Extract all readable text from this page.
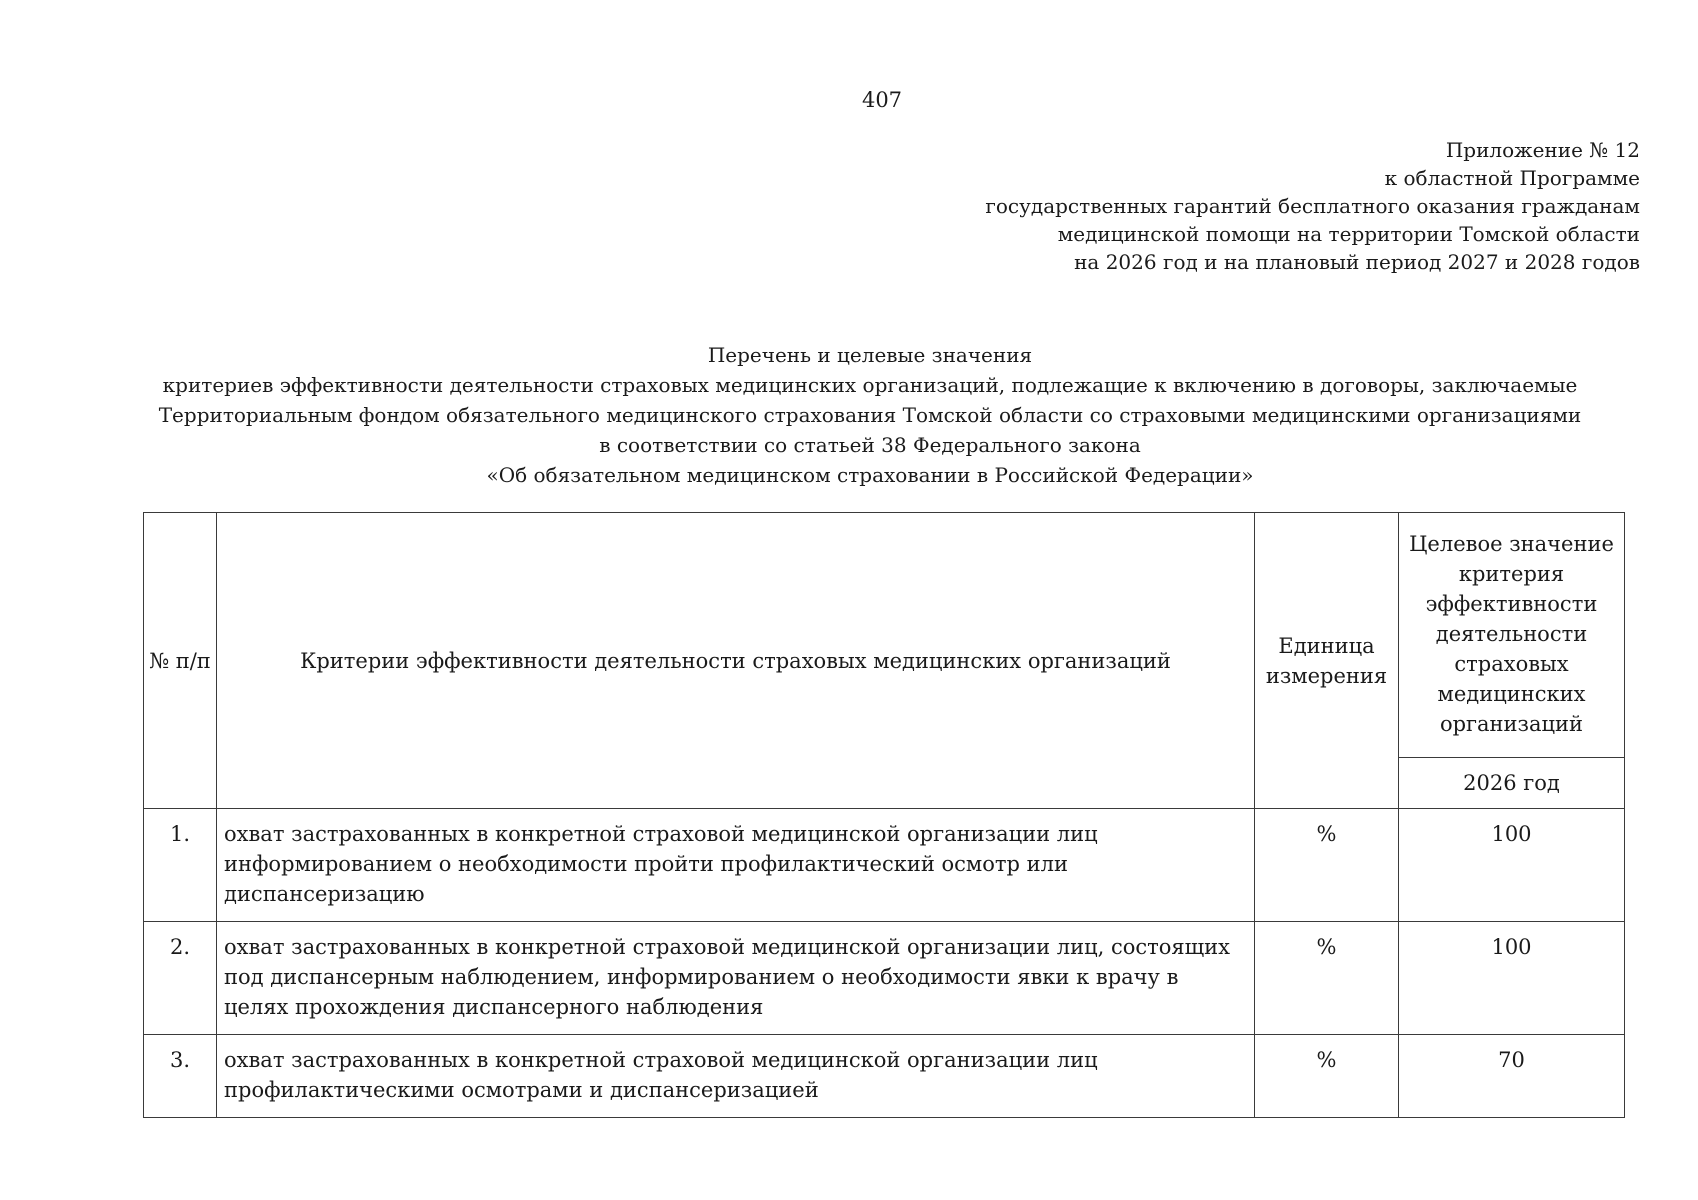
407
Приложение № 12
к областной Программе
государственных гарантий бесплатного оказания гражданам
медицинской помощи на территории Томской области
на 2026 год и на плановый период 2027 и 2028 годов
Перечень и целевые значения
критериев эффективности деятельности страховых медицинских организаций, подлежащие к включению в договоры, заключаемые
Территориальным фондом обязательного медицинского страхования Томской области со страховыми медицинскими организациями
в соответствии со статьей 38 Федерального закона
«Об обязательном медицинском страховании в Российской Федерации»
№ п/п	Критерии эффективности деятельности страховых медицинских организаций	Единица измерения	Целевое значение критерия эффективности деятельности страховых медицинских организаций
			2026 год
1.	охват застрахованных в конкретной страховой медицинской организации лиц информированием о необходимости пройти профилактический осмотр или диспансеризацию	%	100
2.	охват застрахованных в конкретной страховой медицинской организации лиц, состоящих под диспансерным наблюдением, информированием о необходимости явки к врачу в целях прохождения диспансерного наблюдения	%	100
3.	охват застрахованных в конкретной страховой медицинской организации лиц профилактическими осмотрами и диспансеризацией	%	70
